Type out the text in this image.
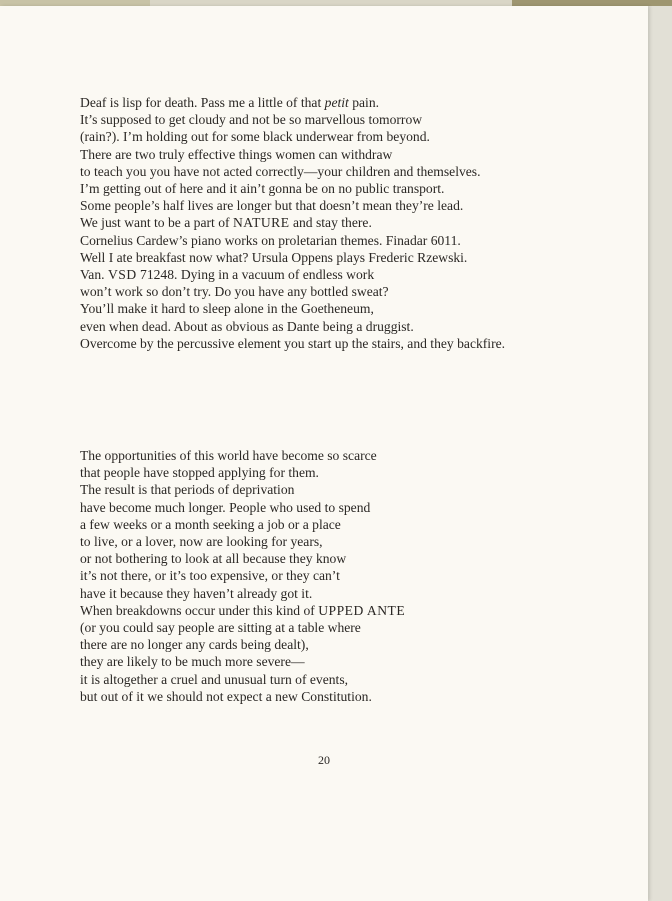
Deaf is lisp for death. Pass me a little of that petit pain.
It’s supposed to get cloudy and not be so marvellous tomorrow
(rain?). I’m holding out for some black underwear from beyond.
There are two truly effective things women can withdraw
to teach you you have not acted correctly—your children and themselves.
I’m getting out of here and it ain’t gonna be on no public transport.
Some people’s half lives are longer but that doesn’t mean they’re lead.
We just want to be a part of NATURE and stay there.
Cornelius Cardew’s piano works on proletarian themes. Finadar 6011.
Well I ate breakfast now what? Ursula Oppens plays Frederic Rzewski.
Van. VSD 71248. Dying in a vacuum of endless work
won’t work so don’t try. Do you have any bottled sweat?
You’ll make it hard to sleep alone in the Goetheneum,
even when dead. About as obvious as Dante being a druggist.
Overcome by the percussive element you start up the stairs, and they backfire.
The opportunities of this world have become so scarce
that people have stopped applying for them.
The result is that periods of deprivation
have become much longer. People who used to spend
a few weeks or a month seeking a job or a place
to live, or a lover, now are looking for years,
or not bothering to look at all because they know
it’s not there, or it’s too expensive, or they can’t
have it because they haven’t already got it.
When breakdowns occur under this kind of UPPED ANTE
(or you could say people are sitting at a table where
there are no longer any cards being dealt),
they are likely to be much more severe—
it is altogether a cruel and unusual turn of events,
but out of it we should not expect a new Constitution.
20
